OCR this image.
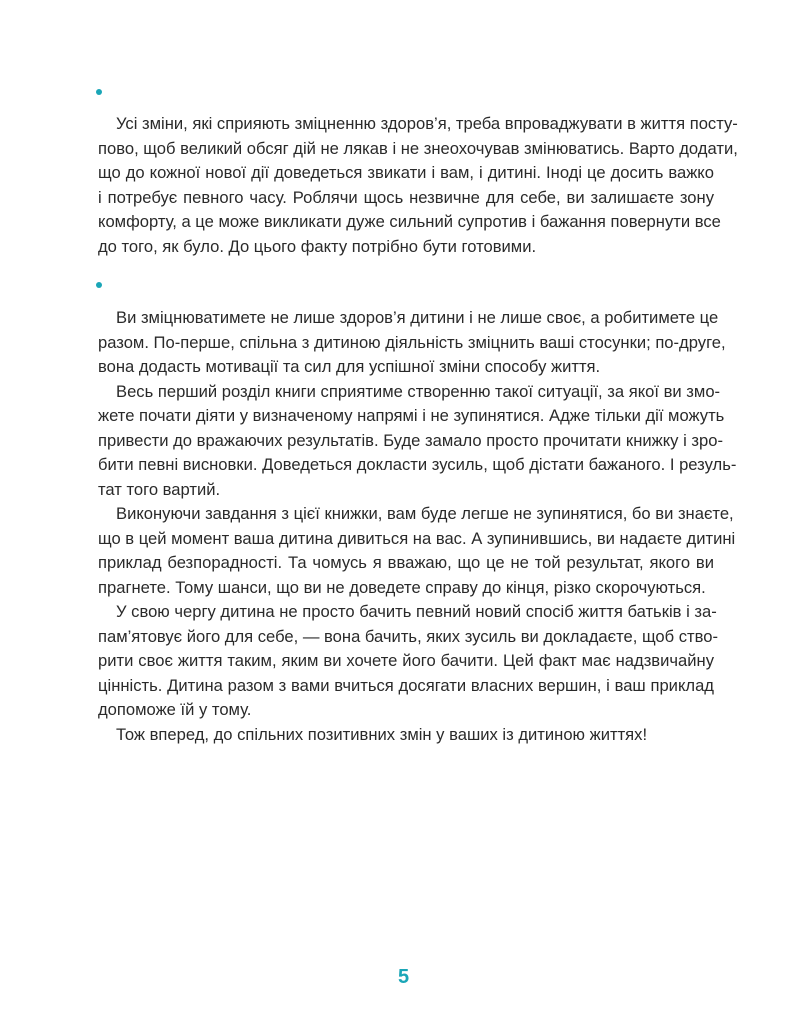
Усі зміни, які сприяють зміцненню здоров’я, треба впроваджувати в життя посту-
пово, щоб великий обсяг дій не лякав і не знеохочував змінюватись. Варто додати,
що до кожної нової дії доведеться звикати і вам, і дитині. Іноді це досить важко
і потребує певного часу. Роблячи щось незвичне для себе, ви залишаєте зону
комфорту, а це може викликати дуже сильний супротив і бажання повернути все
до того, як було. До цього факту потрібно бути готовими.
Ви зміцнюватимете не лише здоров’я дитини і не лише своє, а робитимете це
разом. По-перше, спільна з дитиною діяльність зміцнить ваші стосунки; по-друге,
вона додасть мотивації та сил для успішної зміни способу життя.
Весь перший розділ книги сприятиме створенню такої ситуації, за якої ви змо-
жете почати діяти у визначеному напрямі і не зупинятися. Адже тільки дії можуть
привести до вражаючих результатів. Буде замало просто прочитати книжку і зро-
бити певні висновки. Доведеться докласти зусиль, щоб дістати бажаного. І резуль-
тат того вартий.
Виконуючи завдання з цієї книжки, вам буде легше не зупинятися, бо ви знаєте,
що в цей момент ваша дитина дивиться на вас. А зупинившись, ви надаєте дитині
приклад безпорадності. Та чомусь я вважаю, що це не той результат, якого ви
прагнете. Тому шанси, що ви не доведете справу до кінця, різко скорочуються.
У свою чергу дитина не просто бачить певний новий спосіб життя батьків і за-
пам’ятовує його для себе, — вона бачить, яких зусиль ви докладаєте, щоб ство-
рити своє життя таким, яким ви хочете його бачити. Цей факт має надзвичайну
цінність. Дитина разом з вами вчиться досягати власних вершин, і ваш приклад
допоможе їй у тому.
Тож вперед, до спільних позитивних змін у ваших із дитиною життях!
5
